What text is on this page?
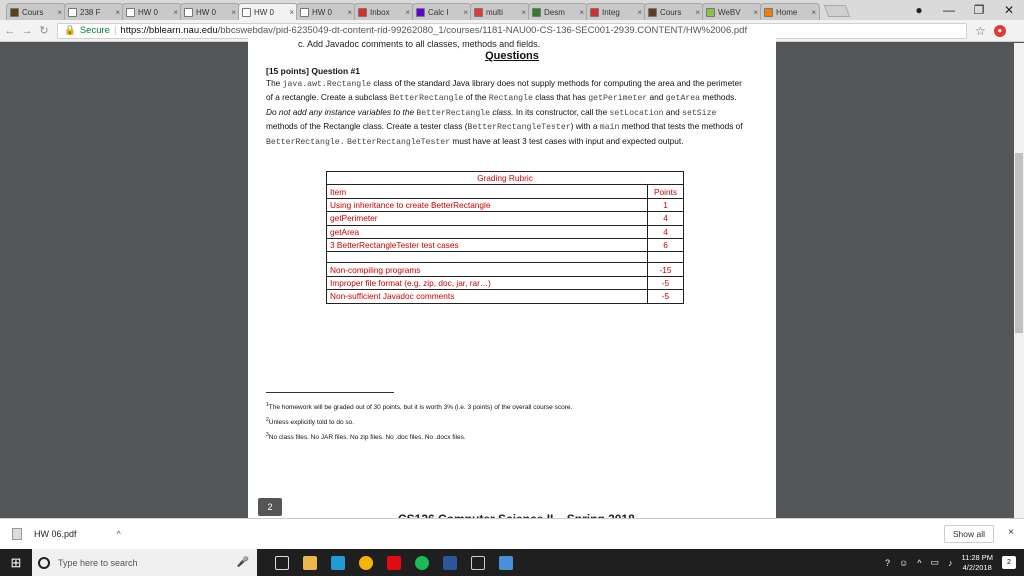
Cours	× 238 F	× HW 0	× HW 0	× HW 0	× HW 0	× Inbox	× Calc I	× multi	× Desm	× Integ	× Cours	× WeBV	× Home	×	●	—	❐	✕
← → ↻ 🔒 Secure | https://bblearn.nau.edu/bbcswebdav/pid-6235049-dt-content-rid-99262080_1/courses/1181-NAU00-CS-136-SEC001-2939.CONTENT/HW%2006.pdf	☆	●
c. Add Javadoc comments to all classes, methods and fields.
Questions
[15 points] Question #1
The java.awt.Rectangle class of the standard Java library does not supply methods for computing the area and the perimeter of a rectangle. Create a subclass BetterRectangle of the Rectangle class that has getPerimeter and getArea methods. Do not add any instance variables to the BetterRectangle class. In its constructor, call the setLocation and setSize methods of the Rectangle class. Create a tester class (BetterRectangleTester) with a main method that tests the methods of BetterRectangle. BetterRectangleTester must have at least 3 test cases with input and expected output.
Grading Rubric	
Item	Points
Using inheritance to create BetterRectangle	1
getPerimeter	4
getArea	4
3 BetterRectangleTester test cases	6

Non-compiling programs	-15
Improper file format (e.g. zip, doc, jar, rar…)	-5
Non-sufficient Javadoc comments	-5
$^1$The homework will be graded out of 30 points, but it is worth 3% (i.e. 3 points) of the overall course score.
$^2$Unless explicitly told to do so.
$^3$No class files. No JAR files. No zip files. No .doc files. No .docx files.
2
HW 06.pdf	^	Show all	×
⊞	Type here to search	🎤	? ☺ ^ ▭ ♪
11:28 PM
4/2/2018	2
